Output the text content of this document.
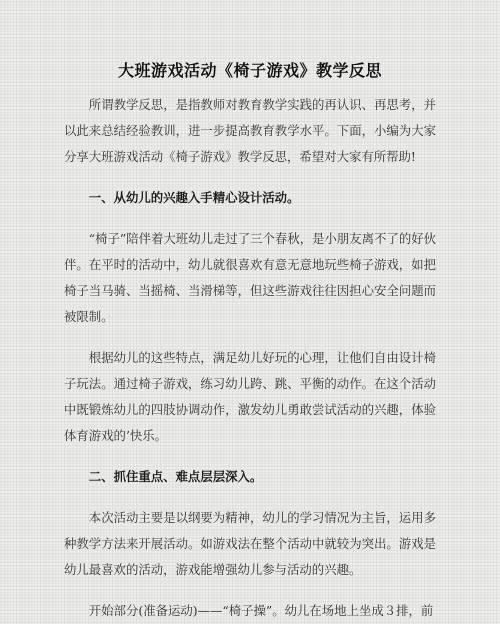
大班游戏活动《椅子游戏》教学反思

所谓教学反思，是指教师对教育教学实践的再认识、再思考，并以此来总结经验教训，进一步提高教育教学水平。下面，小编为大家分享大班游戏活动《椅子游戏》教学反思，希望对大家有所帮助!

一、从幼儿的兴趣入手精心设计活动。

“椅子”陪伴着大班幼儿走过了三个春秋，是小朋友离不了的好伙伴。在平时的活动中，幼儿就很喜欢有意无意地玩些椅子游戏，如把椅子当马骑、当摇椅、当滑梯等，但这些游戏往往因担心安全问题而被限制。

根据幼儿的这些特点，满足幼儿好玩的心理，让他们自由设计椅子玩法。通过椅子游戏，练习幼儿跨、跳、平衡的动作。在这个活动中既锻炼幼儿的四肢协调动作，激发幼儿勇敢尝试活动的兴趣，体验体育游戏的’快乐。

二、抓住重点、难点层层深入。

本次活动主要是以纲要为精神，幼儿的学习情况为主旨，运用多种教学方法来开展活动。如游戏法在整个活动中就较为突出。游戏是幼儿最喜欢的活动，游戏能增强幼儿参与活动的兴趣。

开始部分(准备运动)——“椅子操”。幼儿在场地上坐成３排，前
